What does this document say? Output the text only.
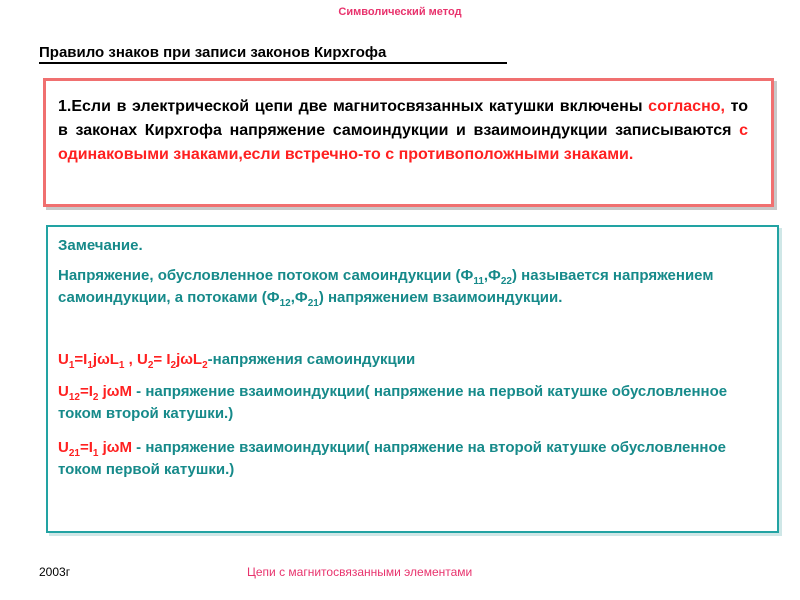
Символический метод
Правило знаков при записи законов Кирхгофа
1.Если в электрической цепи две магнитосвязанных катушки включены согласно, то в законах Кирхгофа напряжение самоиндукции и взаимоиндукции записываются с одинаковыми знаками,если встречно-то с противоположными знаками.
Замечание.
Напряжение, обусловленное потоком самоиндукции $(Ф_{11},Ф_{22})$ называется напряжением самоиндукции, а потоками $(Ф_{12},Ф_{21})$ напряжением взаимоиндукции.
$U_1=I_1j\omega L_1$ , $U_2=$ $I_2j\omega L_2$-напряжения самоиндукции
$U_{12}=I_2$ jωM - напряжение взаимоиндукции( напряжение на первой катушке обусловленное током второй катушки.)
$U_{21}=I_1$ jωM - напряжение взаимоиндукции( напряжение на второй катушке обусловленное током первой катушки.)
2003г	Цепи с магнитосвязанными элементами
